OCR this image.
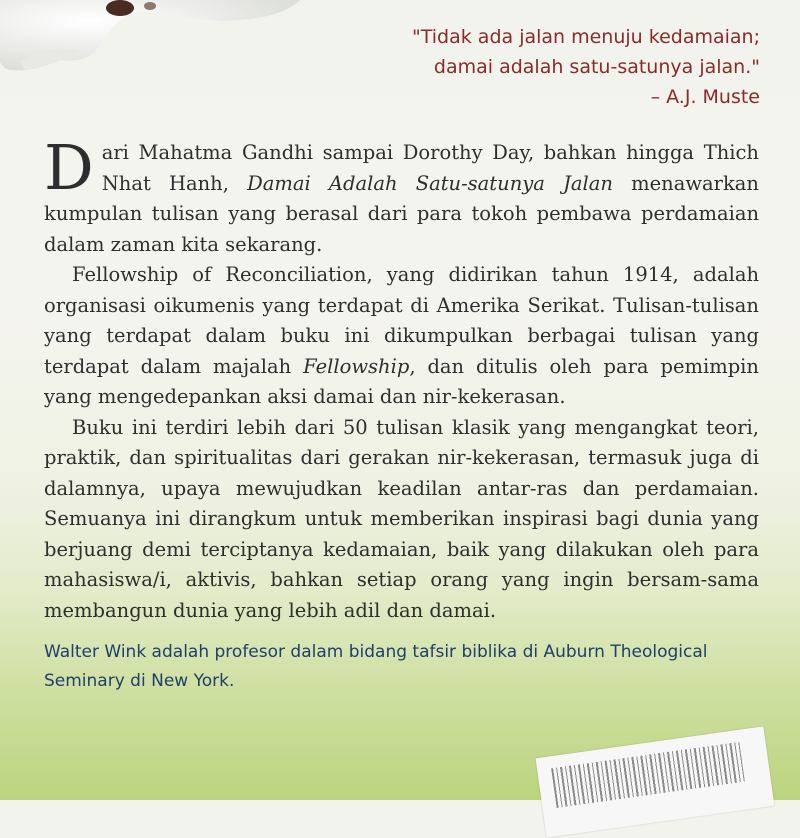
"Tidak ada jalan menuju kedamaian;
damai adalah satu-satunya jalan."
– A.J. Muste

Dari Mahatma Gandhi sampai Dorothy Day, bahkan hingga Thich Nhat Hanh, Damai Adalah Satu-satunya Jalan menawarkan kumpulan tulisan yang berasal dari para tokoh pembawa perdamaian dalam zaman kita sekarang.

Fellowship of Reconciliation, yang didirikan tahun 1914, adalah organisasi oikumenis yang terdapat di Amerika Serikat. Tulisan-tulisan yang terdapat dalam buku ini dikumpulkan berbagai tulisan yang terdapat dalam majalah Fellowship, dan ditulis oleh para pemimpin yang mengedepankan aksi damai dan nir-kekerasan.

Buku ini terdiri lebih dari 50 tulisan klasik yang mengangkat teori, praktik, dan spiritualitas dari gerakan nir-kekerasan, termasuk juga di dalamnya, upaya mewujudkan keadilan antar-ras dan perdamaian. Semuanya ini dirangkum untuk memberikan inspirasi bagi dunia yang berjuang demi terciptanya kedamaian, baik yang dilakukan oleh para mahasiswa/i, aktivis, bahkan setiap orang yang ingin bersam-sama membangun dunia yang lebih adil dan damai.

Walter Wink adalah profesor dalam bidang tafsir biblika di Auburn Theological Seminary di New York.
